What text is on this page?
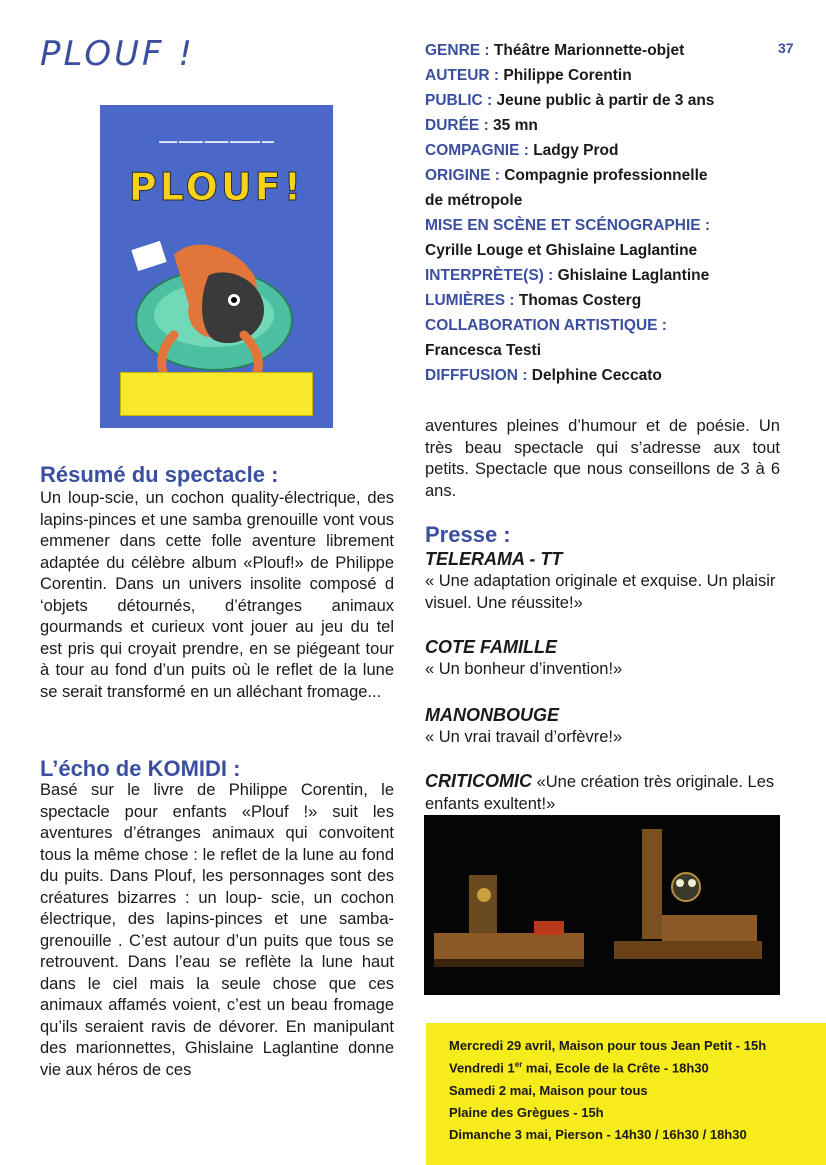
PLOUF !	37
▬▬▬ ▬▬▬▬ ▬▬▬▬ ▬▬▬▬▬ ▬▬
PLOUF!
GENRE : Théâtre Marionnette-objet
AUTEUR : Philippe Corentin
PUBLIC : Jeune public à partir de 3 ans
DURÉE : 35 mn
COMPAGNIE : Ladgy Prod
ORIGINE : Compagnie professionnelle
de métropole
MISE EN SCÈNE ET SCÉNOGRAPHIE :
Cyrille Louge et Ghislaine Laglantine
INTERPRÈTE(S) : Ghislaine Laglantine
LUMIÈRES : Thomas Costerg
COLLABORATION ARTISTIQUE :
Francesca Testi
DIFFFUSION : Delphine Ceccato
Résumé du spectacle :
Un loup-scie, un cochon quality-électrique, des lapins-pinces et une samba grenouille vont vous emmener dans cette folle aventure librement adaptée du célèbre album «Plouf!» de Philippe Corentin. Dans un univers insolite composé d ‘objets détournés, d’étranges animaux gourmands et curieux vont jouer au jeu du tel est pris qui croyait prendre, en se piégeant tour à tour au fond d’un puits où le reflet de la lune se serait transformé en un alléchant fromage...
L’écho de KOMIDI :
Basé sur le livre de Philippe Corentin, le spectacle pour enfants «Plouf !» suit les aventures d’étranges animaux qui convoitent tous la même chose : le reflet de la lune au fond du puits. Dans Plouf, les personnages sont des créatures bizarres : un loup- scie, un cochon électrique, des lapins-pinces et une samba-grenouille . C’est autour d’un puits que tous se retrouvent. Dans l’eau se reflète la lune haut dans le ciel mais la seule chose que ces animaux affamés voient, c’est un beau fromage qu’ils seraient ravis de dévorer. En manipulant des marionnettes, Ghislaine Laglantine donne vie aux héros de ces
aventures pleines d’humour et de poésie. Un très beau spectacle qui s’adresse aux tout petits. Spectacle que nous conseillons de 3 à 6 ans.
Presse :
TELERAMA - TT
« Une adaptation originale et exquise. Un plaisir visuel. Une réussite!»
COTE FAMILLE
« Un bonheur d’invention!»
MANONBOUGE
« Un vrai travail d’orfèvre!»
CRITICOMIC «Une création très originale. Les enfants exultent!»
Mercredi 29 avril, Maison pour tous Jean Petit - 15h
Vendredi 1er mai, Ecole de la Crête - 18h30
Samedi 2 mai, Maison pour tous
Plaine des Grègues - 15h
Dimanche 3 mai, Pierson - 14h30 / 16h30 / 18h30
